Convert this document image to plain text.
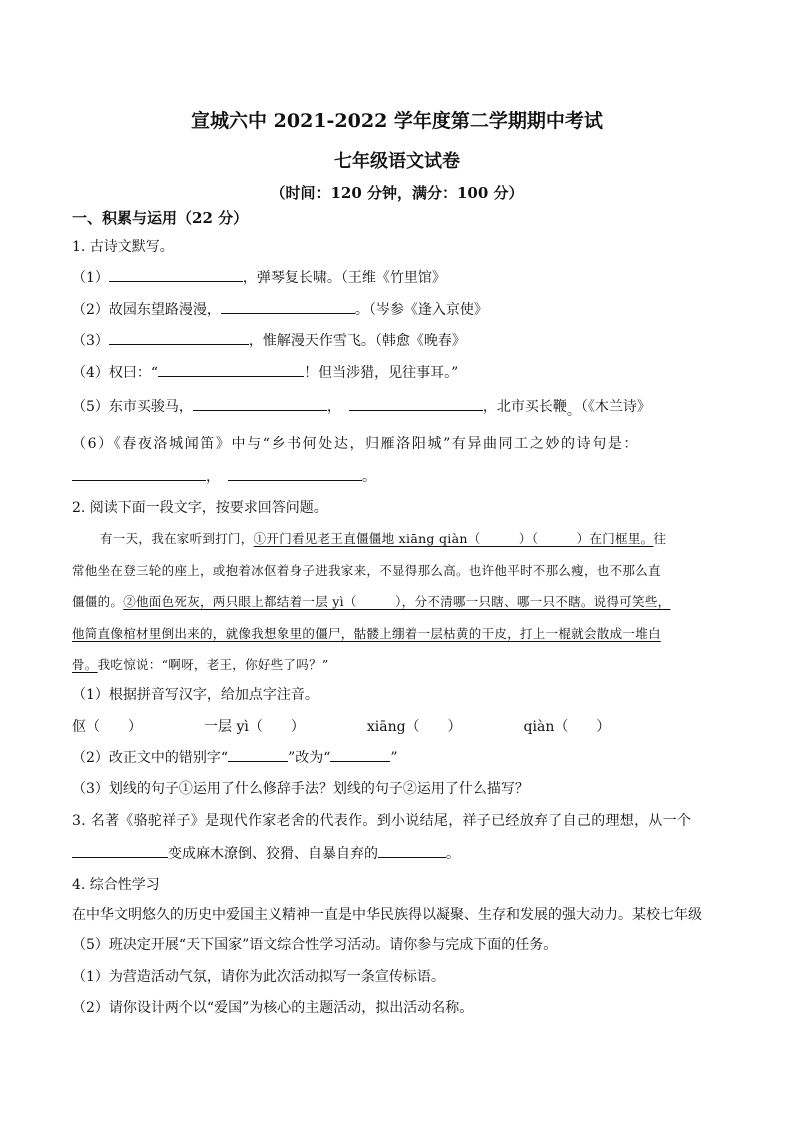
宣城六中 2021-2022 学年度第二学期期中考试
七年级语文试卷
（时间：120 分钟，满分：100 分）
一、积累与运用（22 分）
1. 古诗文默写。
（1）	，弹琴复长啸。（王维《竹里馆》
（2）故园东望路漫漫，	。（岑参《逢入京使》
（3）	，惟解漫天作雪飞。（韩愈《晚春》
（4）权曰：“	！但当涉猎，见往事耳。”
（5）东市买骏马，	，	，北市买长鞭。（《木兰诗》
（6）《春夜洛城闻笛》中与“乡书何处达，归雁洛阳城”有异曲同工之妙的诗句是：
，	。
2. 阅读下面一段文字，按要求回答问题。
有一天，我在家听到打门，①开门看见老王直僵僵地 xiāng qiàn（　　　）（　　　）在门框里。往
常他坐在登三轮的座上，或抱着冰伛着身子进我家来，不显得那么高。也许他平时不那么瘦，也不那么直
僵僵的。②他面色死灰，两只眼上都结着一层 yì（　　　），分不清哪一只瞎、哪一只不瞎。说得可笑些，
他简直像棺材里倒出来的，就像我想象里的僵尸，骷髅上绷着一层枯黄的干皮，打上一棍就会散成一堆白
骨。我吃惊说：“啊呀，老王，你好些了吗？”
（1）根据拼音写汉字，给加点字注音。
伛（　　）	一层 yì（　　）	xiāng（　　）	qiàn（　　）
（2）改正文中的错别字“	”改为“	”
（3）划线的句子①运用了什么修辞手法？划线的句子②运用了什么描写？
3. 名著《骆驼祥子》是现代作家老舍的代表作。到小说结尾，祥子已经放弃了自己的理想，从一个
变成麻木潦倒、狡猾、自暴自弃的	。
4. 综合性学习
在中华文明悠久的历史中爱国主义精神一直是中华民族得以凝聚、生存和发展的强大动力。某校七年级
（5）班决定开展“天下国家”语文综合性学习活动。请你参与完成下面的任务。
（1）为营造活动气氛，请你为此次活动拟写一条宣传标语。
（2）请你设计两个以“爱国”为核心的主题活动，拟出活动名称。
